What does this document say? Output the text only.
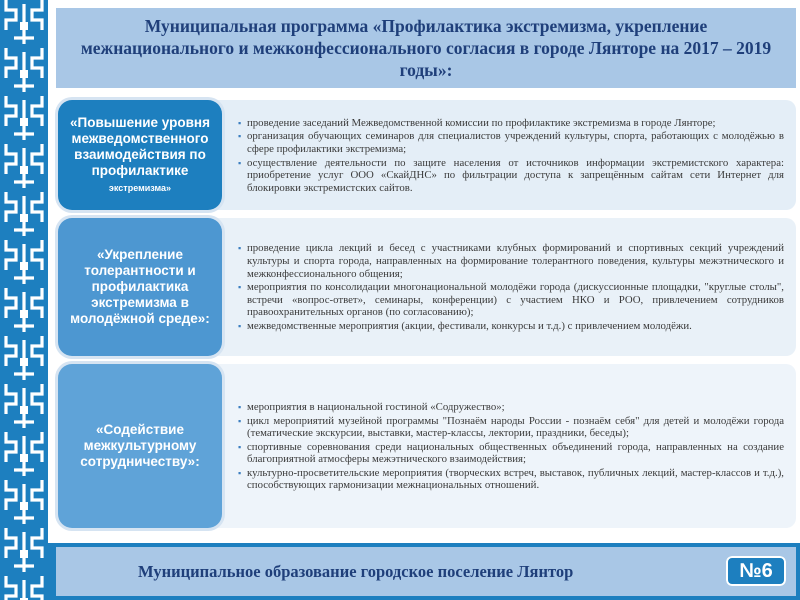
Муниципальная программа «Профилактика экстремизма, укрепление межнационального и межконфессионального согласия в городе Лянторе на 2017 – 2019 годы»:
▪ проведение заседаний Межведомственной комиссии по профилактике экстремизма в городе Лянторе;
▪ организация обучающих семинаров для специалистов учреждений культуры, спорта, работающих с молодёжью в сфере профилактики экстремизма;
▪ осуществление деятельности по защите населения от источников информации экстремистского характера: приобретение услуг ООО «СкайДНС» по фильтрации доступа к запрещённым сайтам сети Интернет для блокировки экстремистских сайтов.
«Повышение уровня межведомственного взаимодействия по профилактике
экстремизма»
▪ проведение цикла лекций и бесед с участниками клубных формирований и спортивных секций учреждений культуры и спорта города, направленных на формирование толерантного поведения, культуры межэтнического и межконфессионального общения;
▪ мероприятия по консолидации многонациональной молодёжи города (дискуссионные площадки, "круглые столы", встречи «вопрос-ответ», семинары, конференции) с участием НКО и РОО, привлечением сотрудников правоохранительных органов (по согласованию);
▪ межведомственные мероприятия (акции, фестивали, конкурсы и т.д.) с привлечением молодёжи.
«Укрепление толерантности и профилактика экстремизма в молодёжной среде»:
▪ мероприятия в национальной гостиной «Содружество»;
▪ цикл мероприятий музейной программы "Познаём народы России - познаём себя" для детей и молодёжи города (тематические экскурсии, выставки, мастер-классы, лектории, праздники, беседы);
▪ спортивные соревнования среди национальных общественных объединений города, направленных на создание благоприятной атмосферы межэтнического взаимодействия;
▪ культурно-просветительские мероприятия (творческих встреч, выставок, публичных лекций, мастер-классов и т.д.), способствующих гармонизации межнациональных отношений.
«Содействие межкультурному сотрудничеству»:
Муниципальное образование городское поселение Лянтор	№6
